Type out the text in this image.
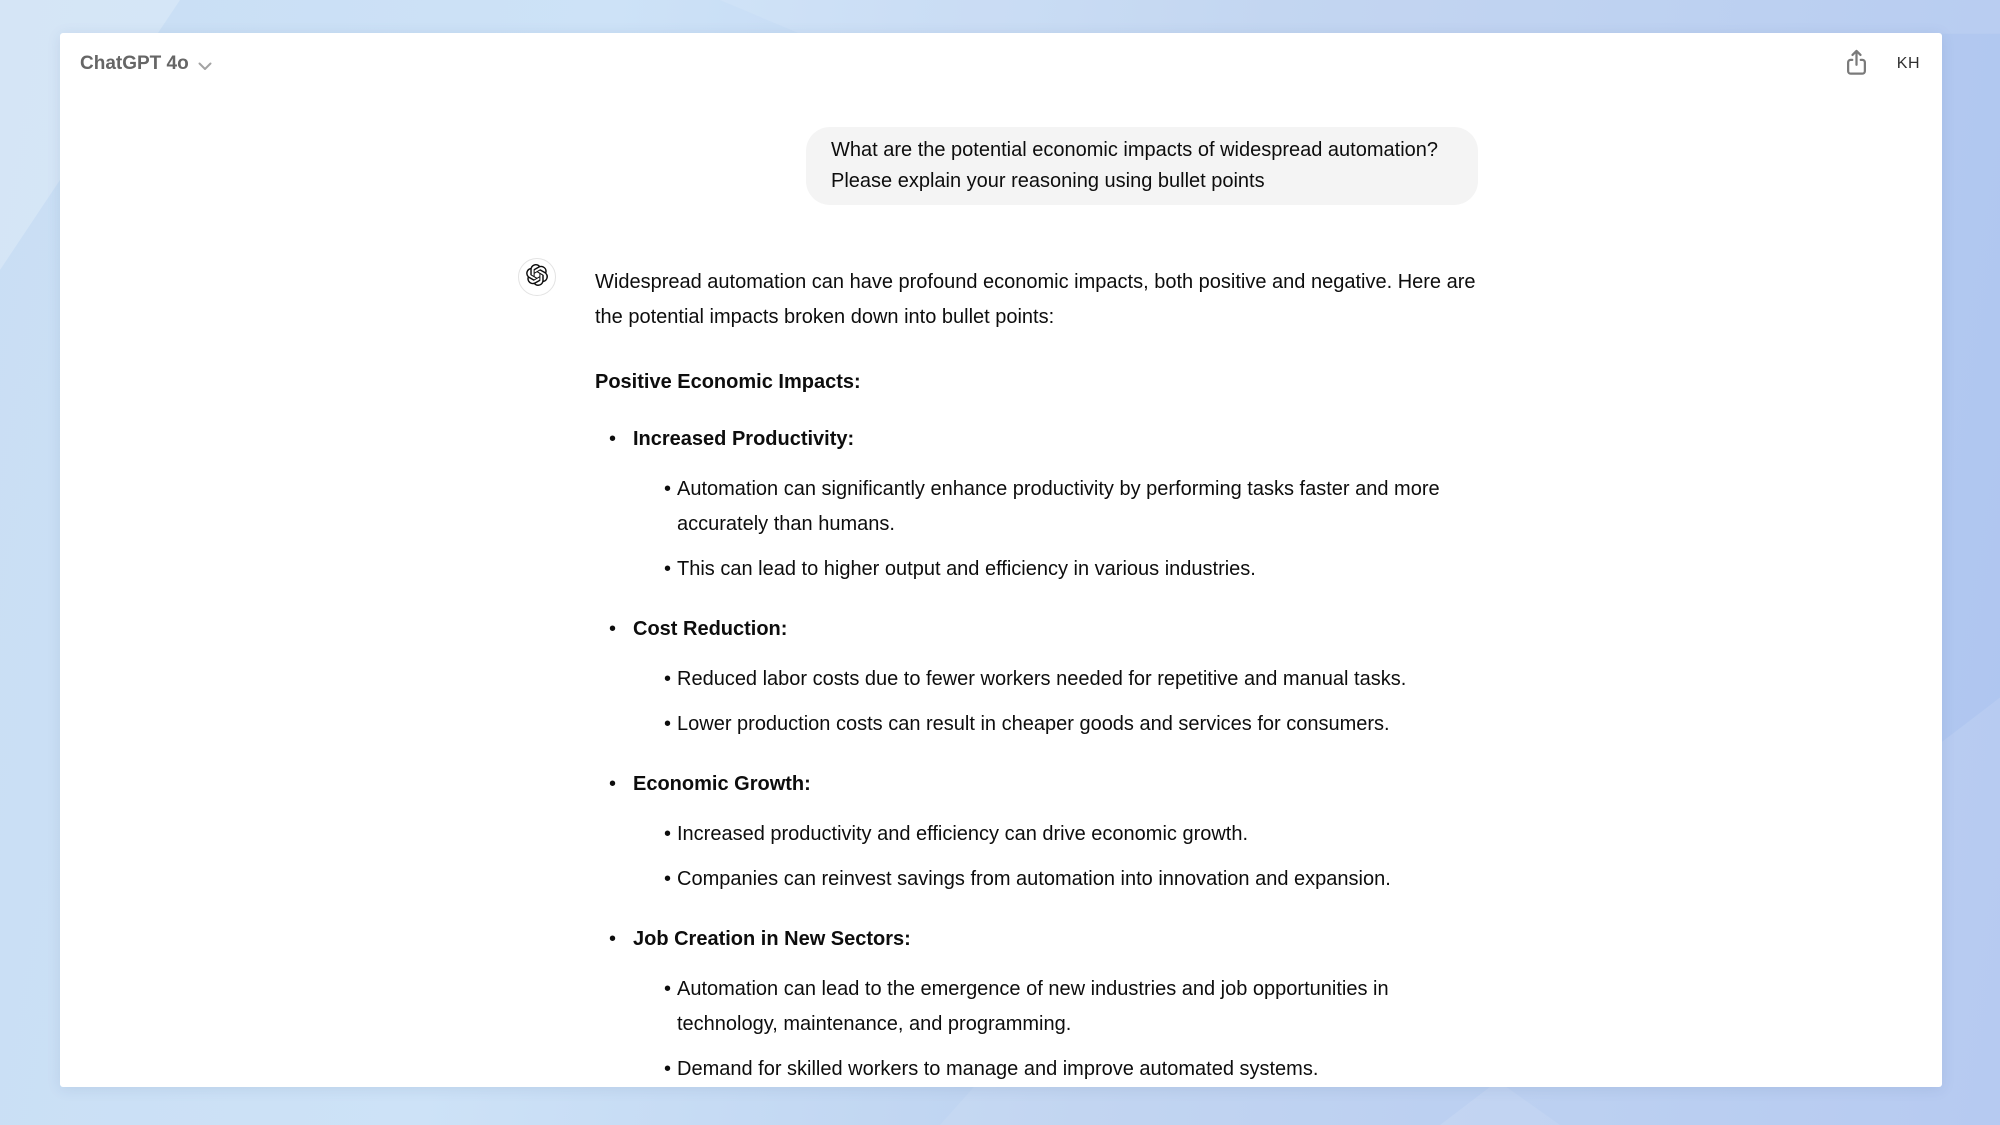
ChatGPT 4o	KH
What are the potential economic impacts of widespread automation? Please explain your reasoning using bullet points

Widespread automation can have profound economic impacts, both positive and negative. Here are the potential impacts broken down into bullet points:

Positive Economic Impacts:

• Increased Productivity:
• Automation can significantly enhance productivity by performing tasks faster and more accurately than humans.
• This can lead to higher output and efficiency in various industries.
• Cost Reduction:
• Reduced labor costs due to fewer workers needed for repetitive and manual tasks.
• Lower production costs can result in cheaper goods and services for consumers.
• Economic Growth:
• Increased productivity and efficiency can drive economic growth.
• Companies can reinvest savings from automation into innovation and expansion.
• Job Creation in New Sectors:
• Automation can lead to the emergence of new industries and job opportunities in technology, maintenance, and programming.
• Demand for skilled workers to manage and improve automated systems.
